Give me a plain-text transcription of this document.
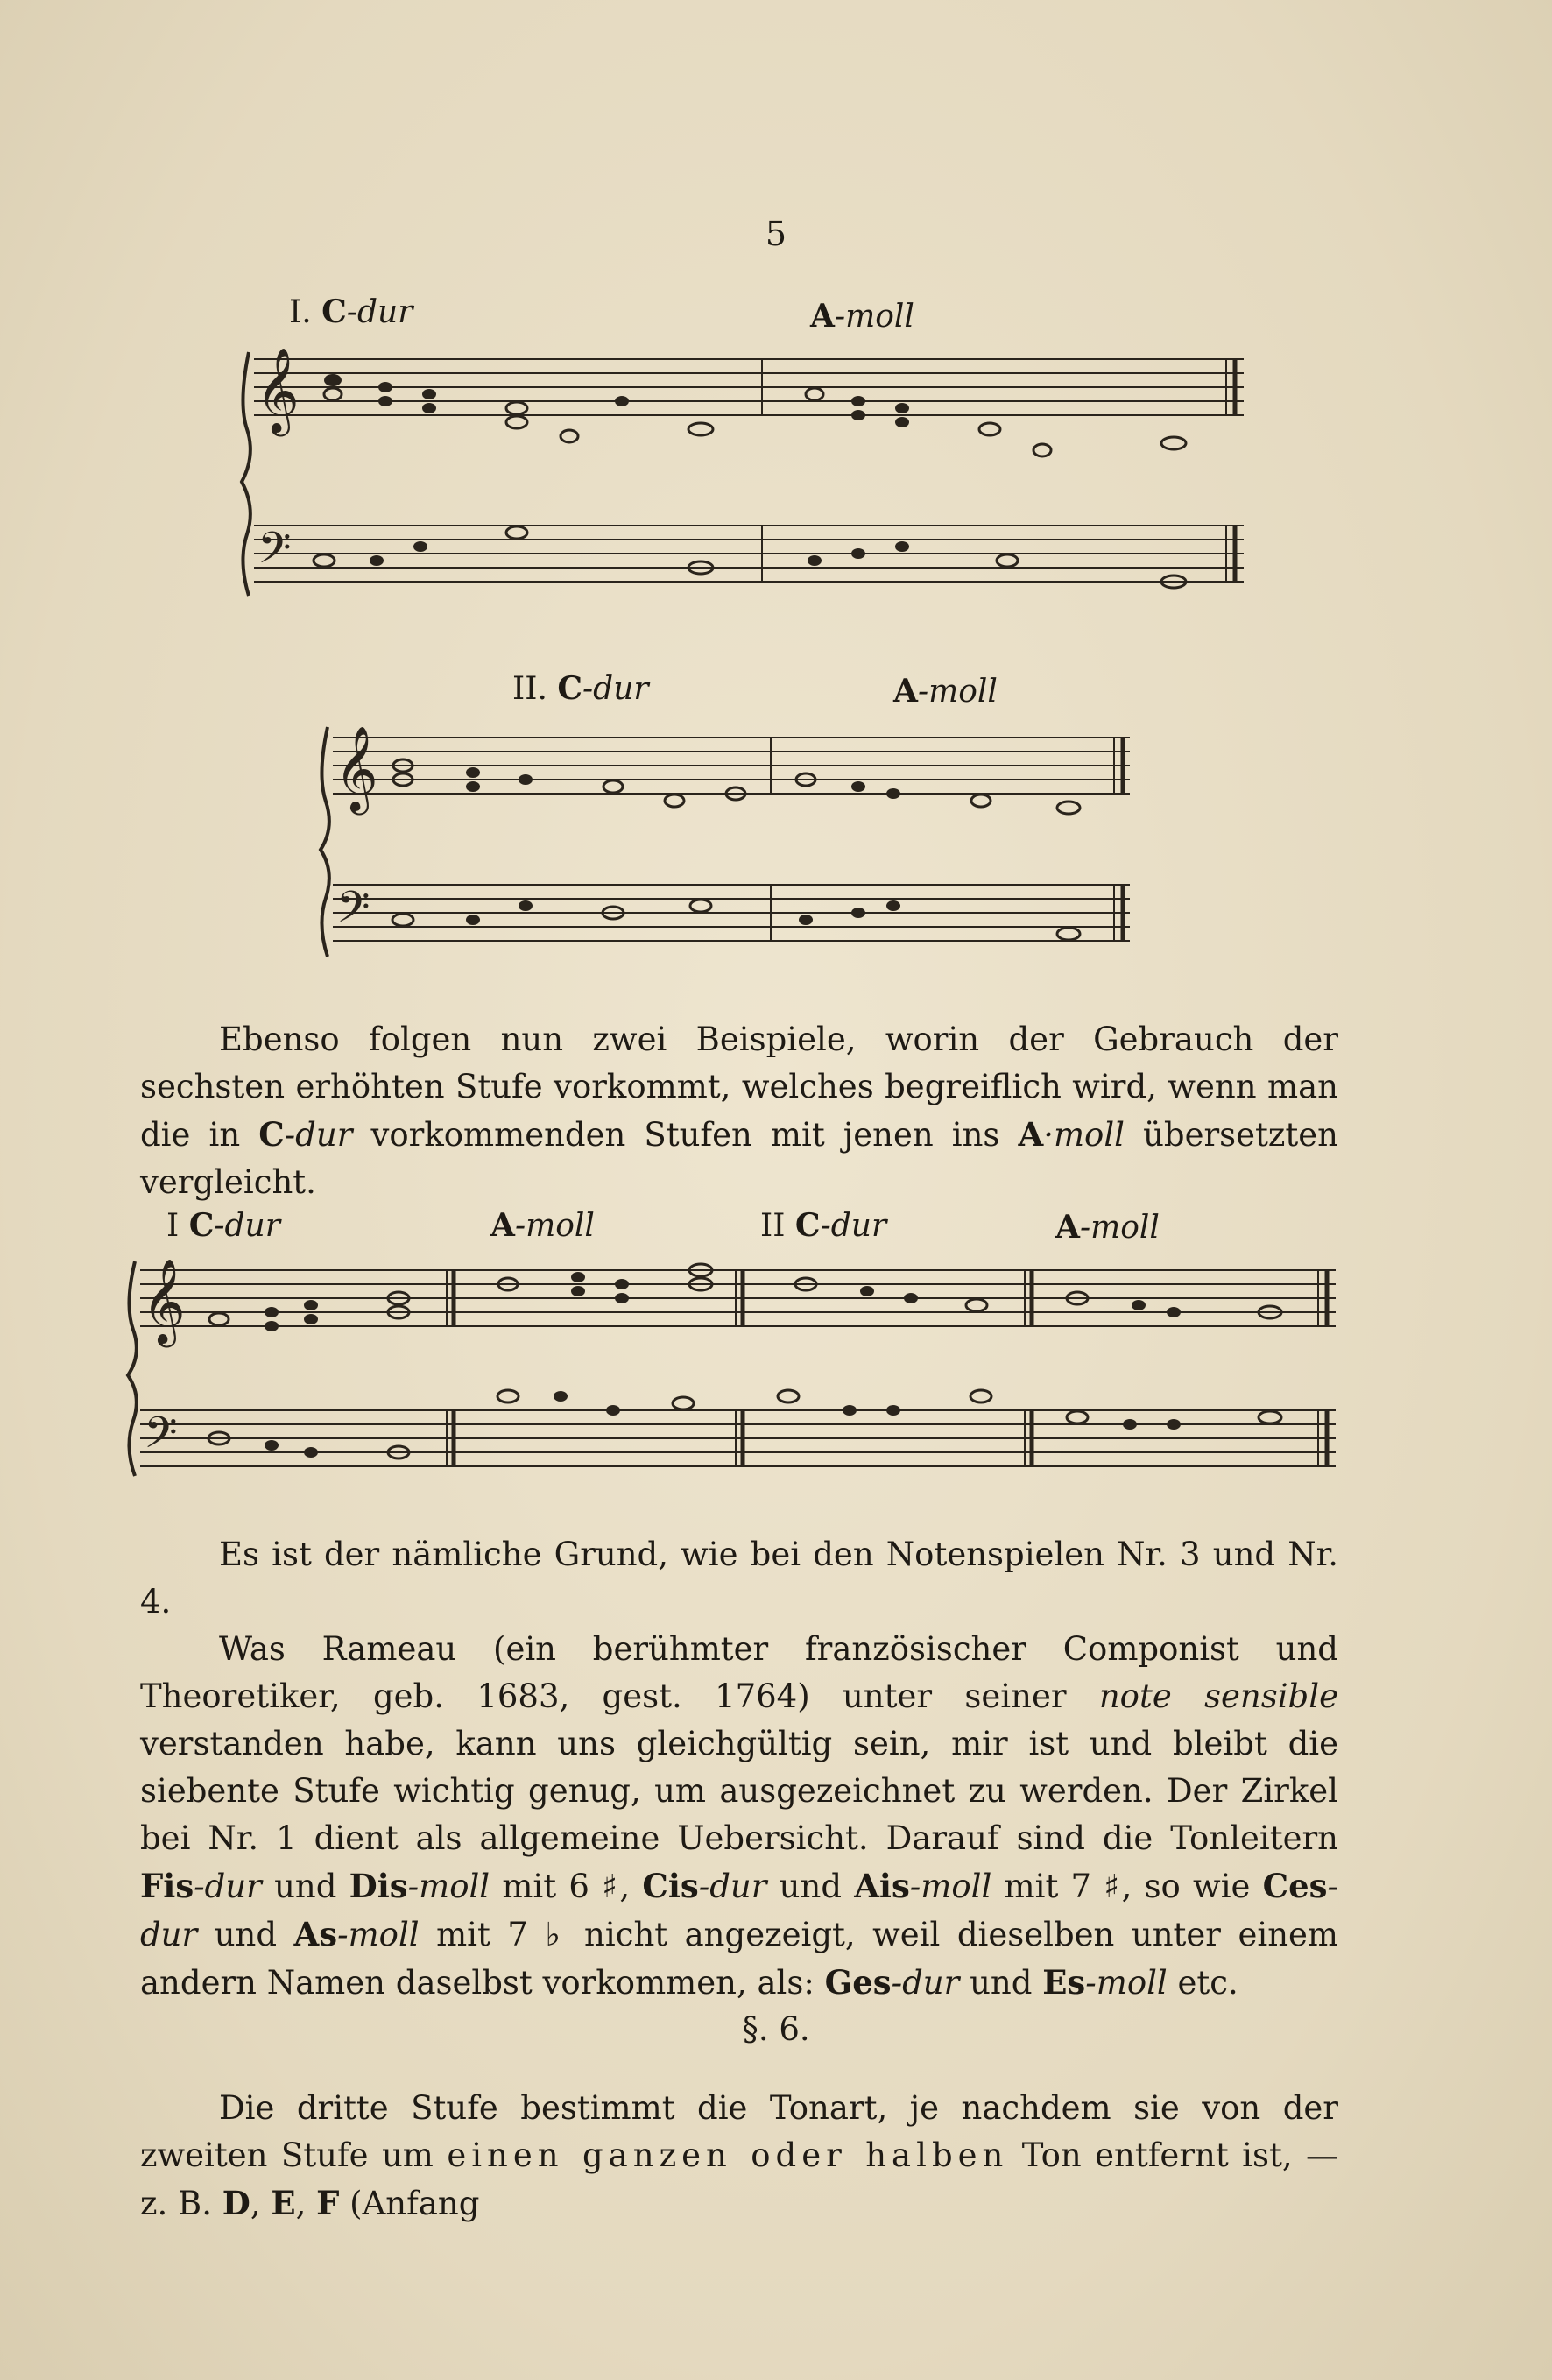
5
I. C-dur	A-moll
𝄞
𝄢
II. C-dur	A-moll
𝄞
𝄢

Ebenso folgen nun zwei Beispiele, worin der Gebrauch der sechsten erhöhten Stufe vorkommt, welches begreiflich wird, wenn man die in C-dur vorkommenden Stufen mit jenen ins A·moll übersetzten vergleicht.

I C-dur	A-moll	II C-dur	A-moll
𝄞
𝄢

Es ist der nämliche Grund, wie bei den Notenspielen Nr. 3 und Nr. 4.

Was Rameau (ein berühmter französischer Componist und Theoretiker, geb. 1683, gest. 1764) unter seiner note sensible verstanden habe, kann uns gleichgültig sein, mir ist und bleibt die siebente Stufe wichtig genug, um ausgezeichnet zu werden. Der Zirkel bei Nr. 1 dient als allgemeine Uebersicht. Darauf sind die Tonleitern Fis-dur und Dis-moll mit 6 ♯, Cis-dur und Ais-moll mit 7 ♯, so wie Ces-dur und As-moll mit 7 ♭ nicht angezeigt, weil dieselben unter einem andern Namen daselbst vorkommen, als: Ges-dur und Es-moll etc.

§. 6.

Die dritte Stufe bestimmt die Tonart, je nachdem sie von der zweiten Stufe um einen ganzen oder halben Ton entfernt ist, — z. B. D, E, F (Anfang
